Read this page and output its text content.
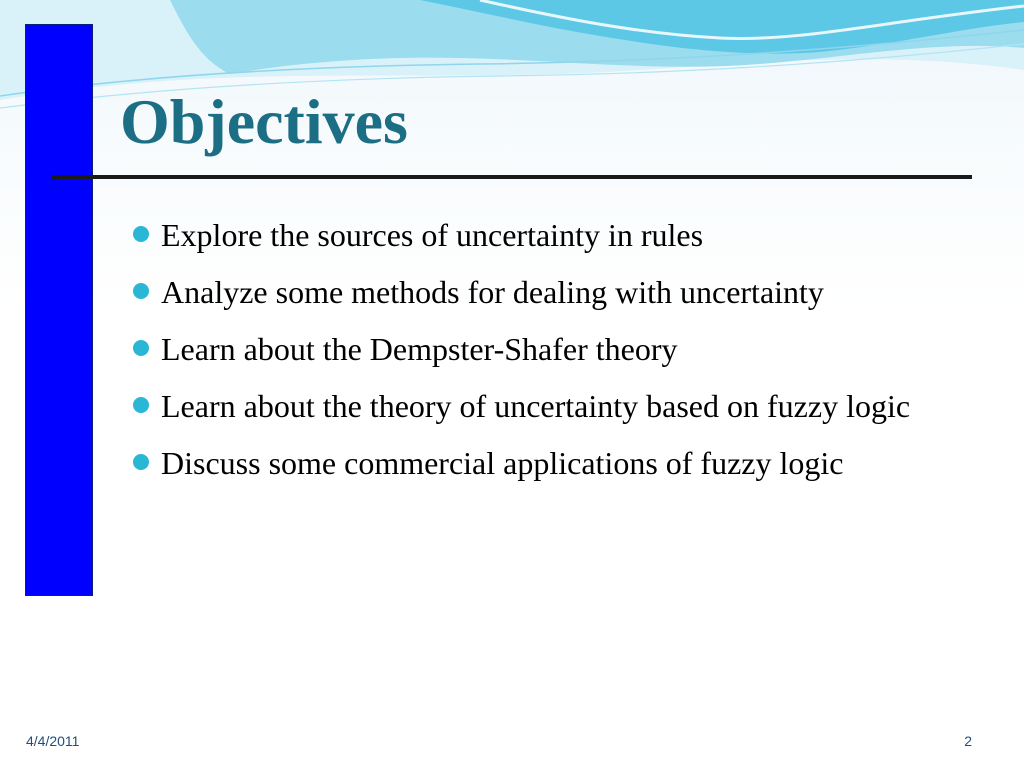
Objectives
Explore the sources of uncertainty in rules
Analyze some methods for dealing with uncertainty
Learn about the Dempster-Shafer theory
Learn about the theory of uncertainty based on fuzzy logic
Discuss some commercial applications of fuzzy logic
4/4/2011	2
